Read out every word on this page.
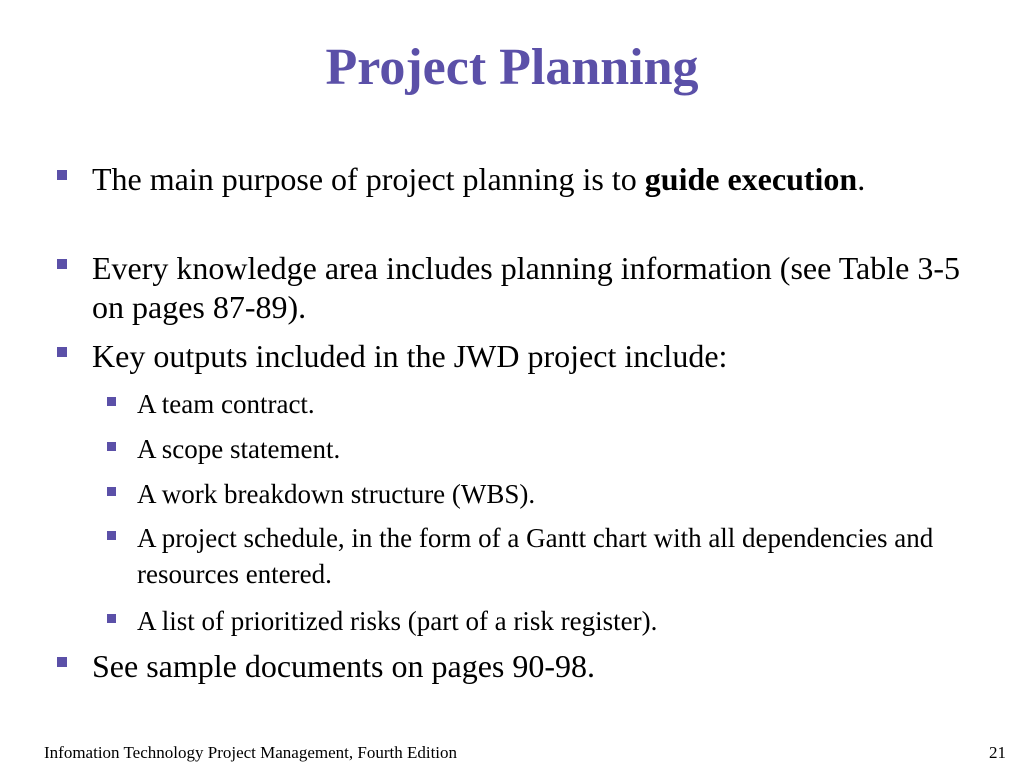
Project Planning
The main purpose of project planning is to guide execution.
Every knowledge area includes planning information (see Table 3-5 on pages 87-89).
Key outputs included in the JWD project include:
A team contract.
A scope statement.
A work breakdown structure (WBS).
A project schedule, in the form of a Gantt chart with all dependencies and resources entered.
A list of prioritized risks (part of a risk register).
See sample documents on pages 90-98.
Infomation Technology Project Management, Fourth Edition	21
